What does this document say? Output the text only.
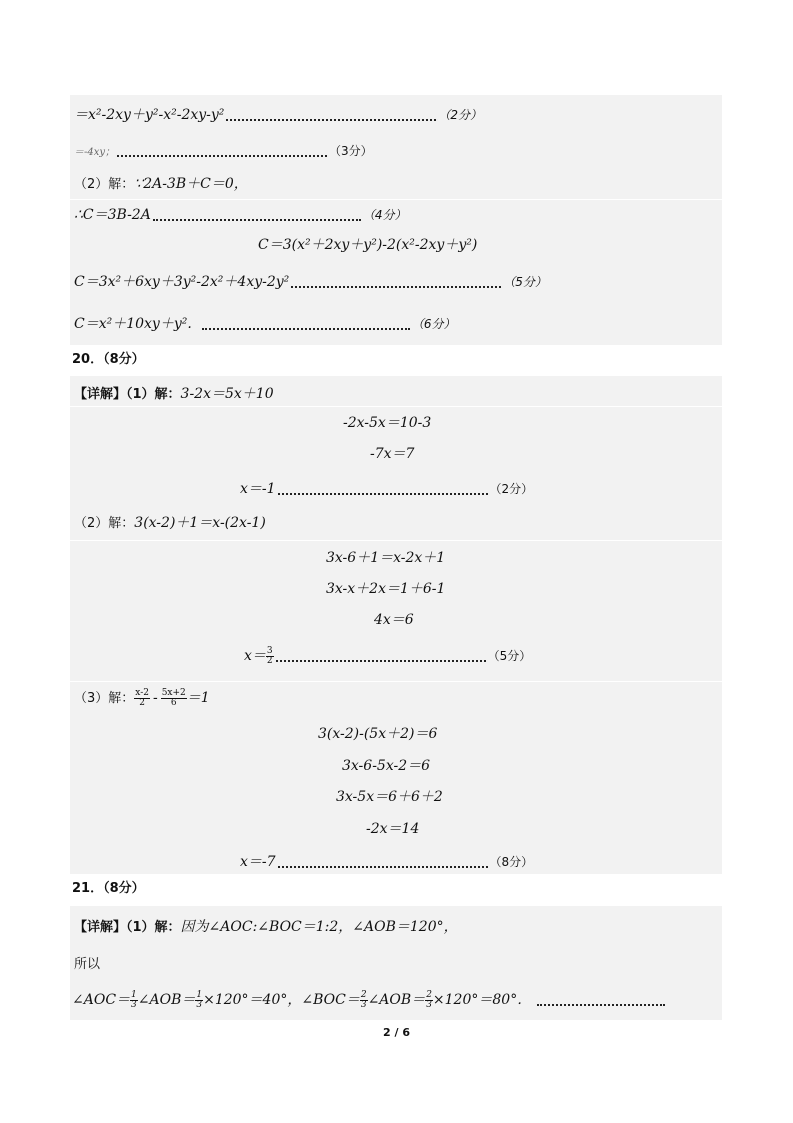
＝x²-2xy＋y²-x²-2xy-y²	（2分）
＝-4xy；	（3分）
（2）解：∵2A-3B＋C＝0，
∴C＝3B-2A	（4分）
C＝3(x²＋2xy＋y²)-2(x²-2xy＋y²)
C＝3x²＋6xy＋3y²-2x²＋4xy-2y²	（5分）
C＝x²＋10xy＋y².	（6分）
20．（8分）
【详解】（1）解：3-2x＝5x＋10
-2x-5x＝10-3
-7x＝7
x＝-1	（2分）
（2）解：3(x-2)＋1＝x-(2x-1)
3x-6＋1＝x-2x＋1
3x-x＋2x＝1＋6-1
4x＝6
$x= \frac{3}{2}$	（5分）
（3）解： $\frac{x-2}{2} - \frac{5x+2}{6} =1$
3(x-2)-(5x＋2)＝6
3x-6-5x-2＝6
3x-5x＝6＋6＋2
-2x＝14
x＝-7	（8分）
21．（8分）
【详解】（1）解：因为∠AOC:∠BOC＝1:2，∠AOB＝120°，
所以
∠AOC＝ $\frac{1}{3}$ ∠AOB＝ $\frac{1}{3} \times 120^\circ=40^\circ$，∠BOC＝ $\frac{2}{3}$ ∠AOB＝ $\frac{2}{3} \times 120^\circ=80^\circ$．
2 / 6
